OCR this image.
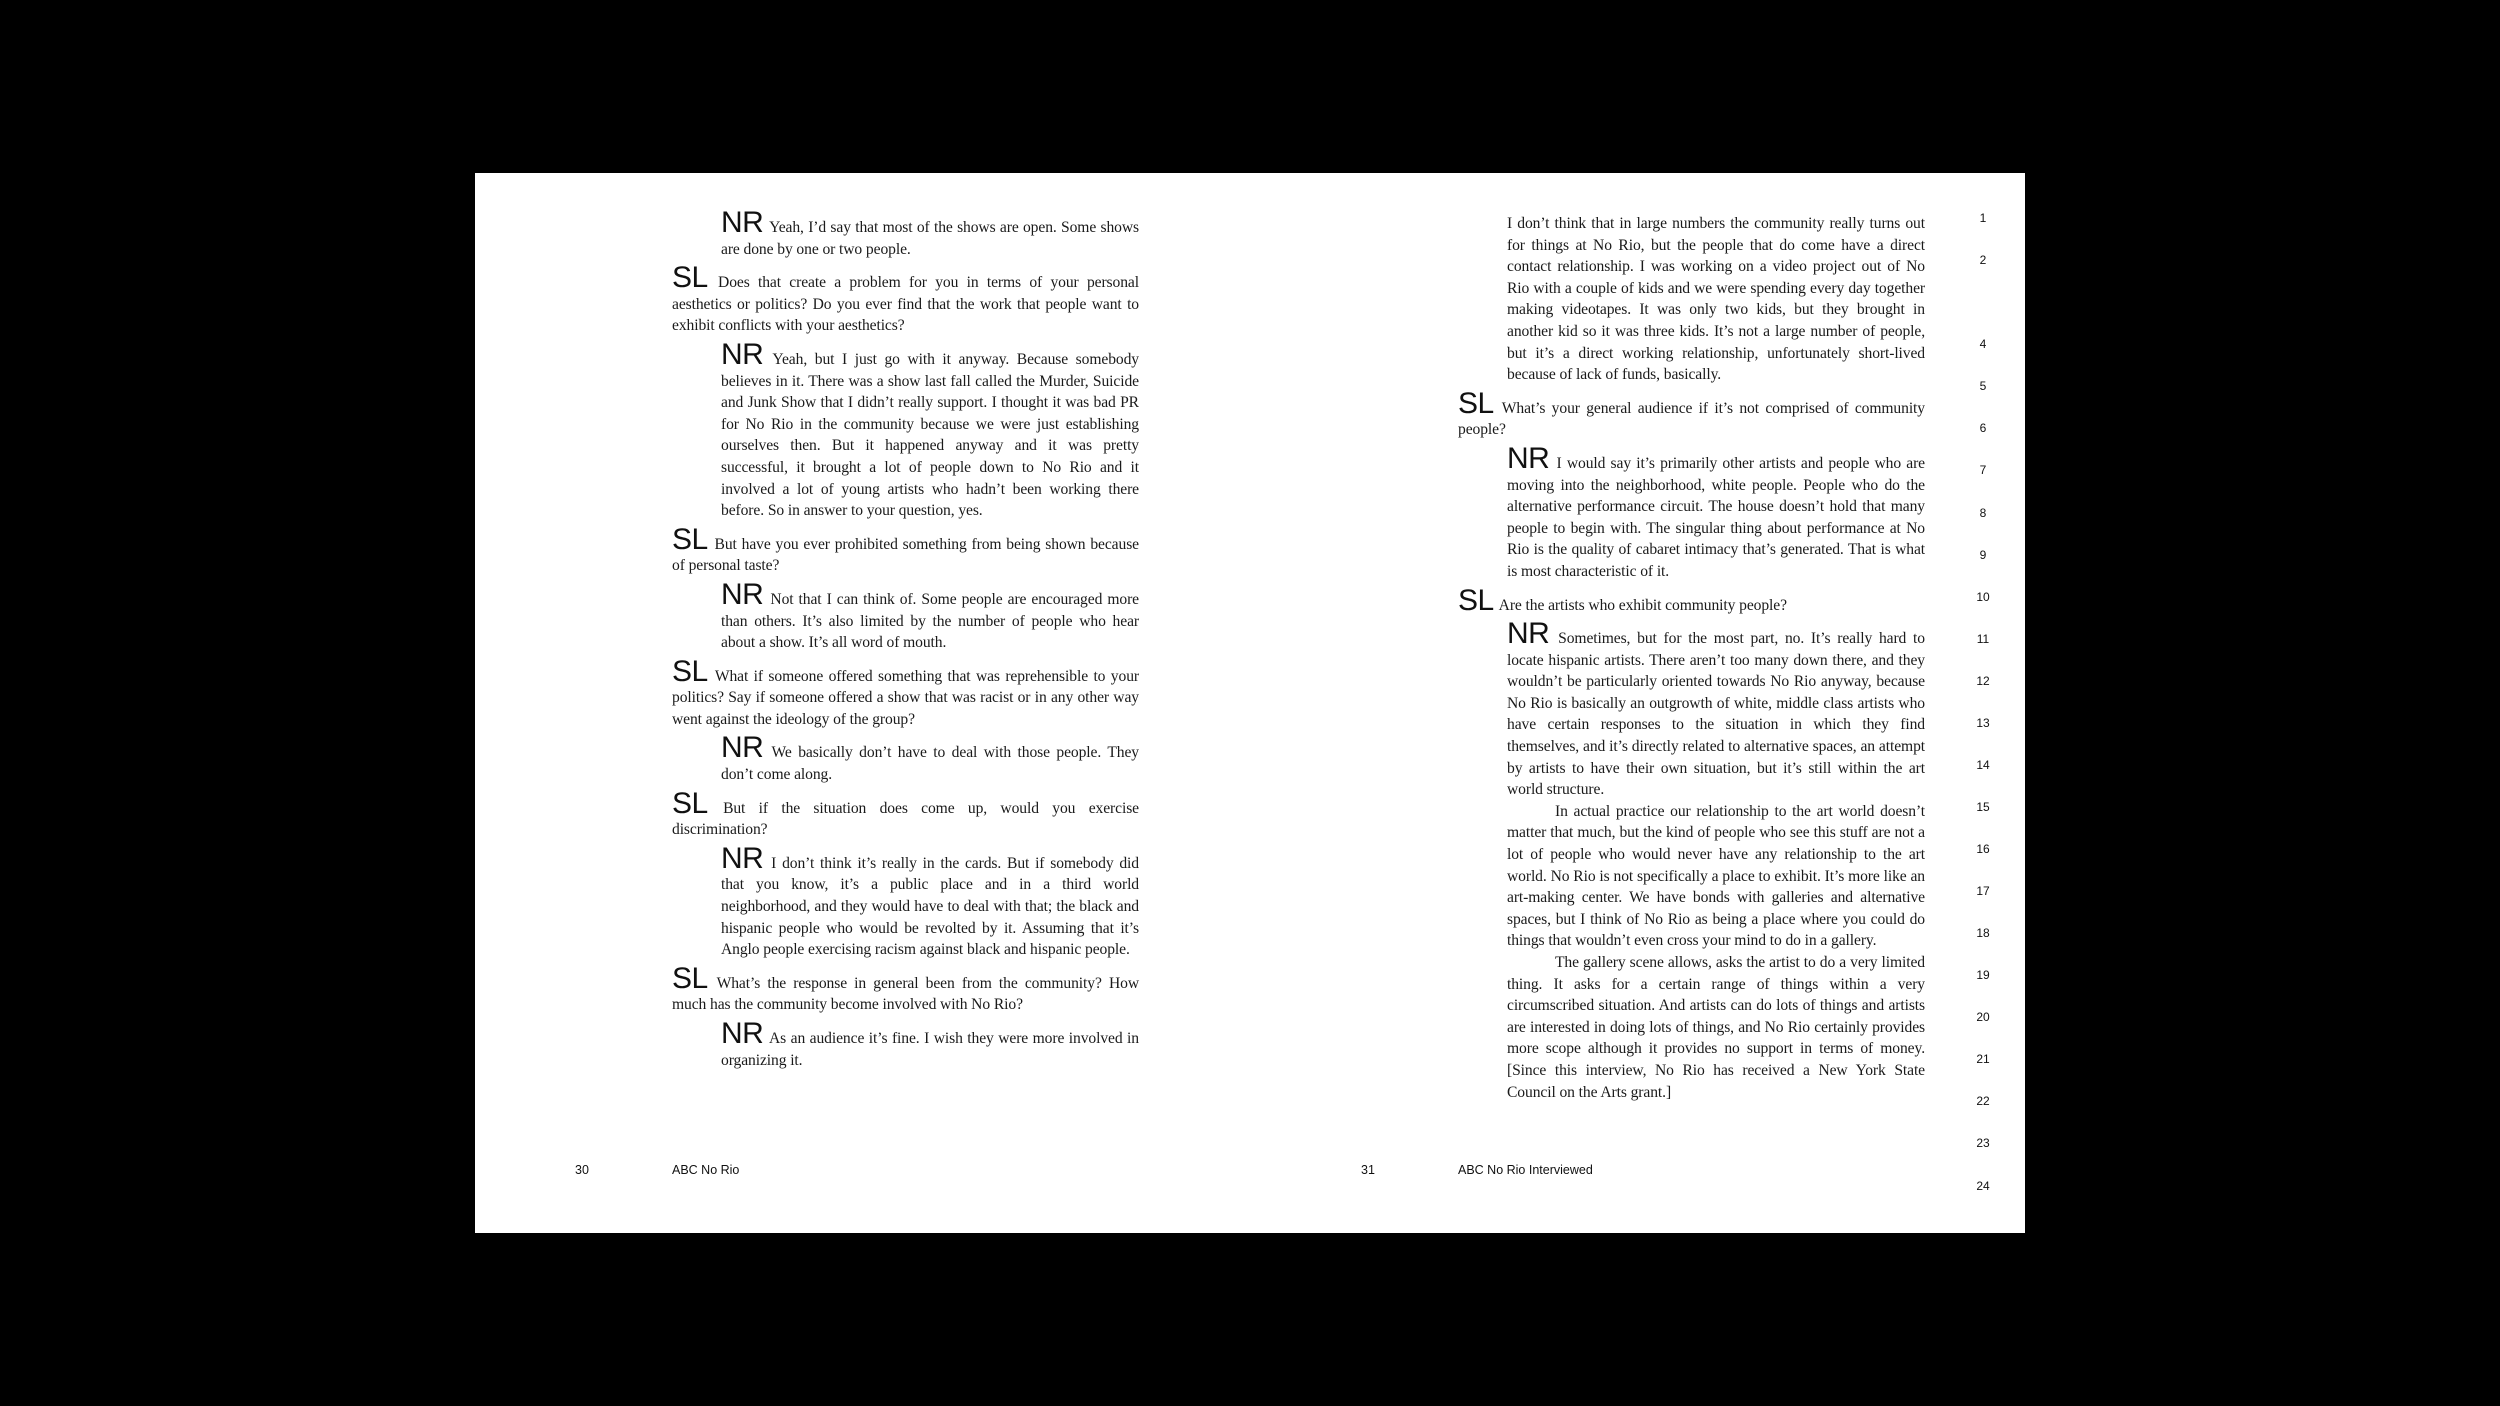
NR Yeah, I’d say that most of the shows are open. Some shows are done by one or two people.

SL Does that create a problem for you in terms of your personal aesthetics or politics? Do you ever find that the work that people want to exhibit conflicts with your aesthetics?

NR Yeah, but I just go with it anyway. Because somebody believes in it. There was a show last fall called the Murder, Suicide and Junk Show that I didn’t really support. I thought it was bad PR for No Rio in the community because we were just establishing ourselves then. But it happened anyway and it was pretty successful, it brought a lot of people down to No Rio and it involved a lot of young artists who hadn’t been working there before. So in answer to your question, yes.

SL But have you ever prohibited something from being shown because of personal taste?

NR Not that I can think of. Some people are encouraged more than others. It’s also limited by the number of people who hear about a show. It’s all word of mouth.

SL What if someone offered something that was reprehensible to your politics? Say if someone offered a show that was racist or in any other way went against the ideology of the group?

NR We basically don’t have to deal with those people. They don’t come along.

SL But if the situation does come up, would you exercise discrimination?

NR I don’t think it’s really in the cards. But if somebody did that you know, it’s a public place and in a third world neighborhood, and they would have to deal with that; the black and hispanic people who would be revolted by it. Assuming that it’s Anglo people exercising racism against black and hispanic people.

SL What’s the response in general been from the community? How much has the community become involved with No Rio?

NR As an audience it’s fine. I wish they were more involved in organizing it.

30	ABC No Rio

I don’t think that in large numbers the community really turns out for things at No Rio, but the people that do come have a direct contact relationship. I was working on a video project out of No Rio with a couple of kids and we were spending every day together making videotapes. It was only two kids, but they brought in another kid so it was three kids. It’s not a large number of people, but it’s a direct working relationship, unfortunately short-lived because of lack of funds, basically.

SL What’s your general audience if it’s not comprised of community people?

NR I would say it’s primarily other artists and people who are moving into the neighborhood, white people. People who do the alternative performance circuit. The house doesn’t hold that many people to begin with. The singular thing about performance at No Rio is the quality of cabaret intimacy that’s generated. That is what is most characteristic of it.

SL Are the artists who exhibit community people?

NR Sometimes, but for the most part, no. It’s really hard to locate hispanic artists. There aren’t too many down there, and they wouldn’t be particularly oriented towards No Rio anyway, because No Rio is basically an outgrowth of white, middle class artists who have certain responses to the situation in which they find themselves, and it’s directly related to alternative spaces, an attempt by artists to have their own situation, but it’s still within the art world structure.

In actual practice our relationship to the art world doesn’t matter that much, but the kind of people who see this stuff are not a lot of people who would never have any relationship to the art world. No Rio is not specifically a place to exhibit. It’s more like an art-making center. We have bonds with galleries and alternative spaces, but I think of No Rio as being a place where you could do things that wouldn’t even cross your mind to do in a gallery.

The gallery scene allows, asks the artist to do a very limited thing. It asks for a certain range of things within a very circumscribed situation. And artists can do lots of things and artists are interested in doing lots of things, and No Rio certainly provides more scope although it provides no support in terms of money. [Since this interview, No Rio has received a New York State Council on the Arts grant.]

31	ABC No Rio Interviewed
1
2
4
5
6
7
8
9
10
11
12
13
14
15
16
17
18
19
20
21
22
23
24
